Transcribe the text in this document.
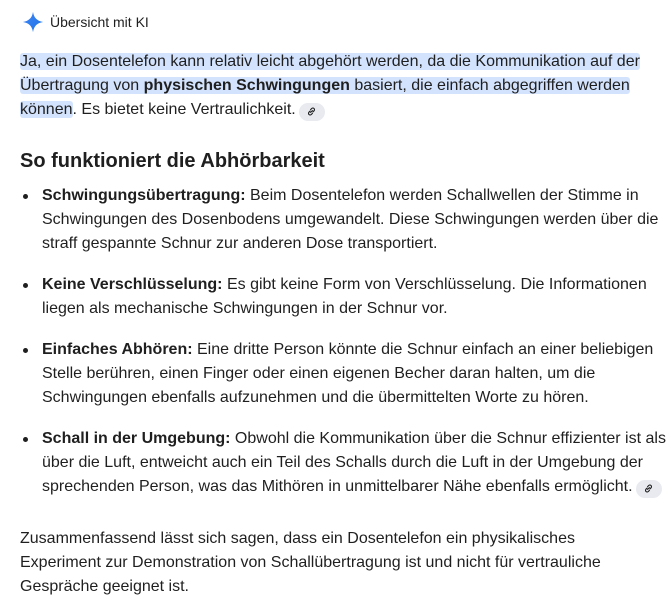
Übersicht mit KI

Ja, ein Dosentelefon kann relativ leicht abgehört werden, da die Kommunikation auf der Übertragung von physischen Schwingungen basiert, die einfach abgegriffen werden können. Es bietet keine Vertraulichkeit.

So funktioniert die Abhörbarkeit
Schwingungsübertragung: Beim Dosentelefon werden Schallwellen der Stimme in Schwingungen des Dosenbodens umgewandelt. Diese Schwingungen werden über die straff gespannte Schnur zur anderen Dose transportiert.
Keine Verschlüsselung: Es gibt keine Form von Verschlüsselung. Die Informationen liegen als mechanische Schwingungen in der Schnur vor.
Einfaches Abhören: Eine dritte Person könnte die Schnur einfach an einer beliebigen Stelle berühren, einen Finger oder einen eigenen Becher daran halten, um die Schwingungen ebenfalls aufzunehmen und die übermittelten Worte zu hören.
Schall in der Umgebung: Obwohl die Kommunikation über die Schnur effizienter ist als über die Luft, entweicht auch ein Teil des Schalls durch die Luft in der Umgebung der sprechenden Person, was das Mithören in unmittelbarer Nähe ebenfalls ermöglicht.

Zusammenfassend lässt sich sagen, dass ein Dosentelefon ein physikalisches Experiment zur Demonstration von Schallübertragung ist und nicht für vertrauliche Gespräche geeignet ist.
